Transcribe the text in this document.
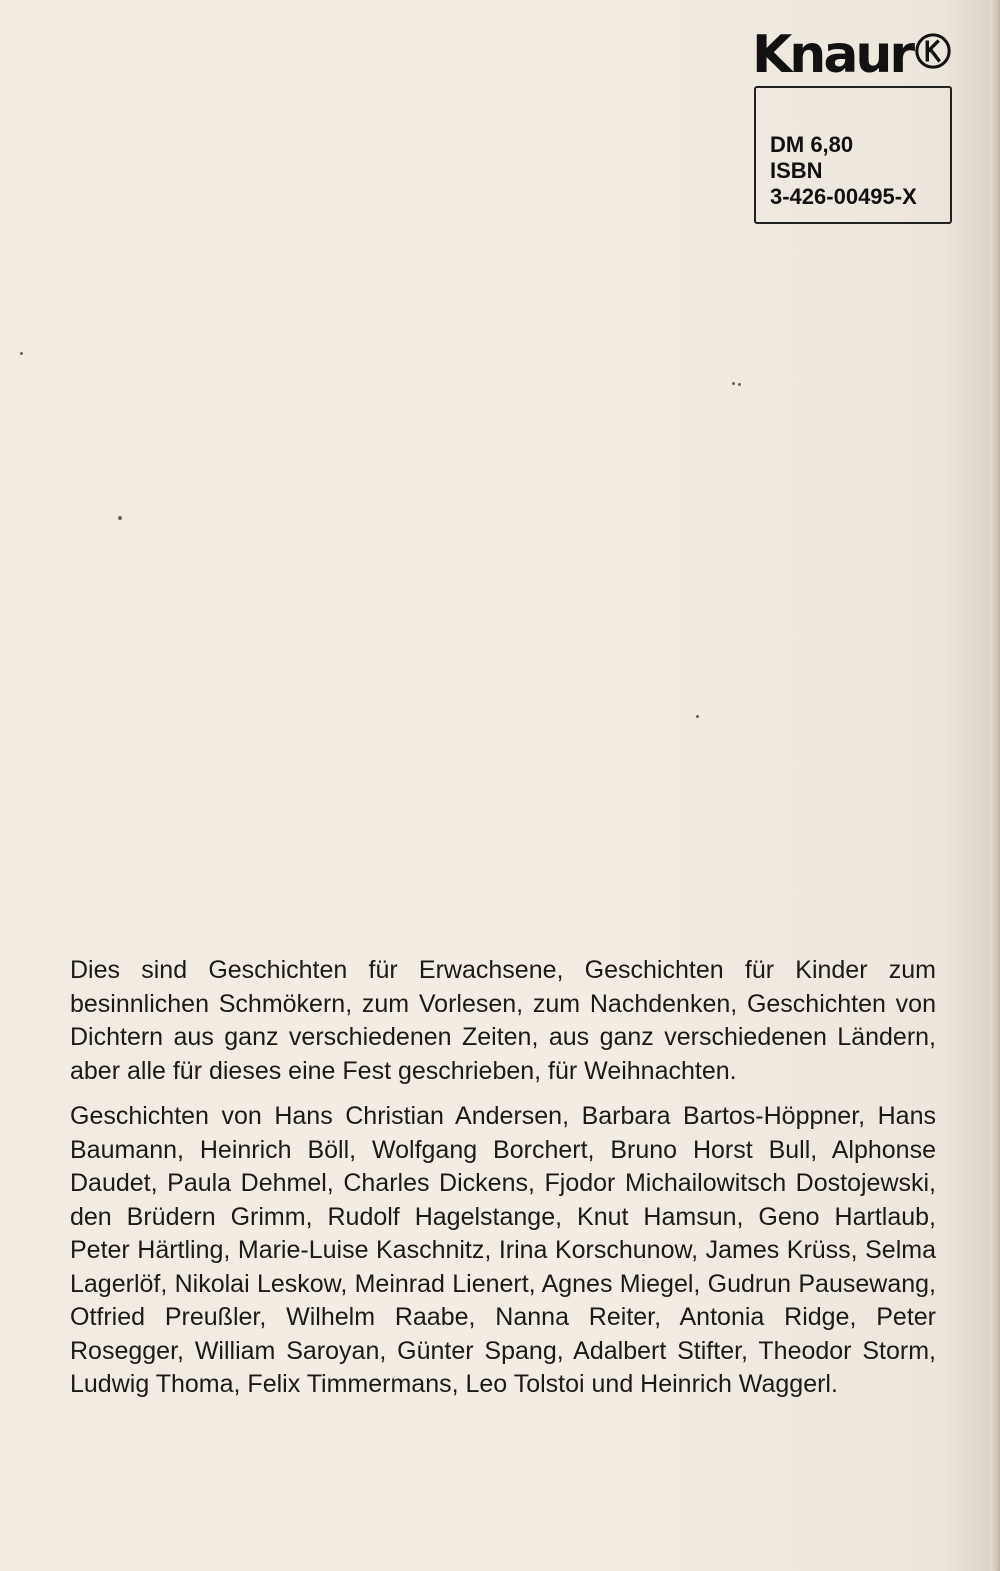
Knaur
DM 6,80
ISBN
3-426-00495-X

Dies sind Geschichten für Erwachsene, Geschichten für Kinder zum besinnlichen Schmökern, zum Vorlesen, zum Nachdenken, Geschichten von Dichtern aus ganz verschiedenen Zeiten, aus ganz verschiedenen Ländern, aber alle für dieses eine Fest geschrieben, für Weihnachten.

Geschichten von Hans Christian Andersen, Barbara Bartos-Höppner, Hans Baumann, Heinrich Böll, Wolfgang Borchert, Bruno Horst Bull, Alphonse Daudet, Paula Dehmel, Charles Dickens, Fjodor Michailowitsch Dostojewski, den Brüdern Grimm, Rudolf Hagelstange, Knut Hamsun, Geno Hartlaub, Peter Härtling, Marie-Luise Kaschnitz, Irina Korschunow, James Krüss, Selma Lagerlöf, Nikolai Leskow, Meinrad Lienert, Agnes Miegel, Gudrun Pausewang, Otfried Preußler, Wilhelm Raabe, Nanna Reiter, Antonia Ridge, Peter Rosegger, William Saroyan, Günter Spang, Adalbert Stifter, Theodor Storm, Ludwig Thoma, Felix Timmermans, Leo Tolstoi und Heinrich Waggerl.
